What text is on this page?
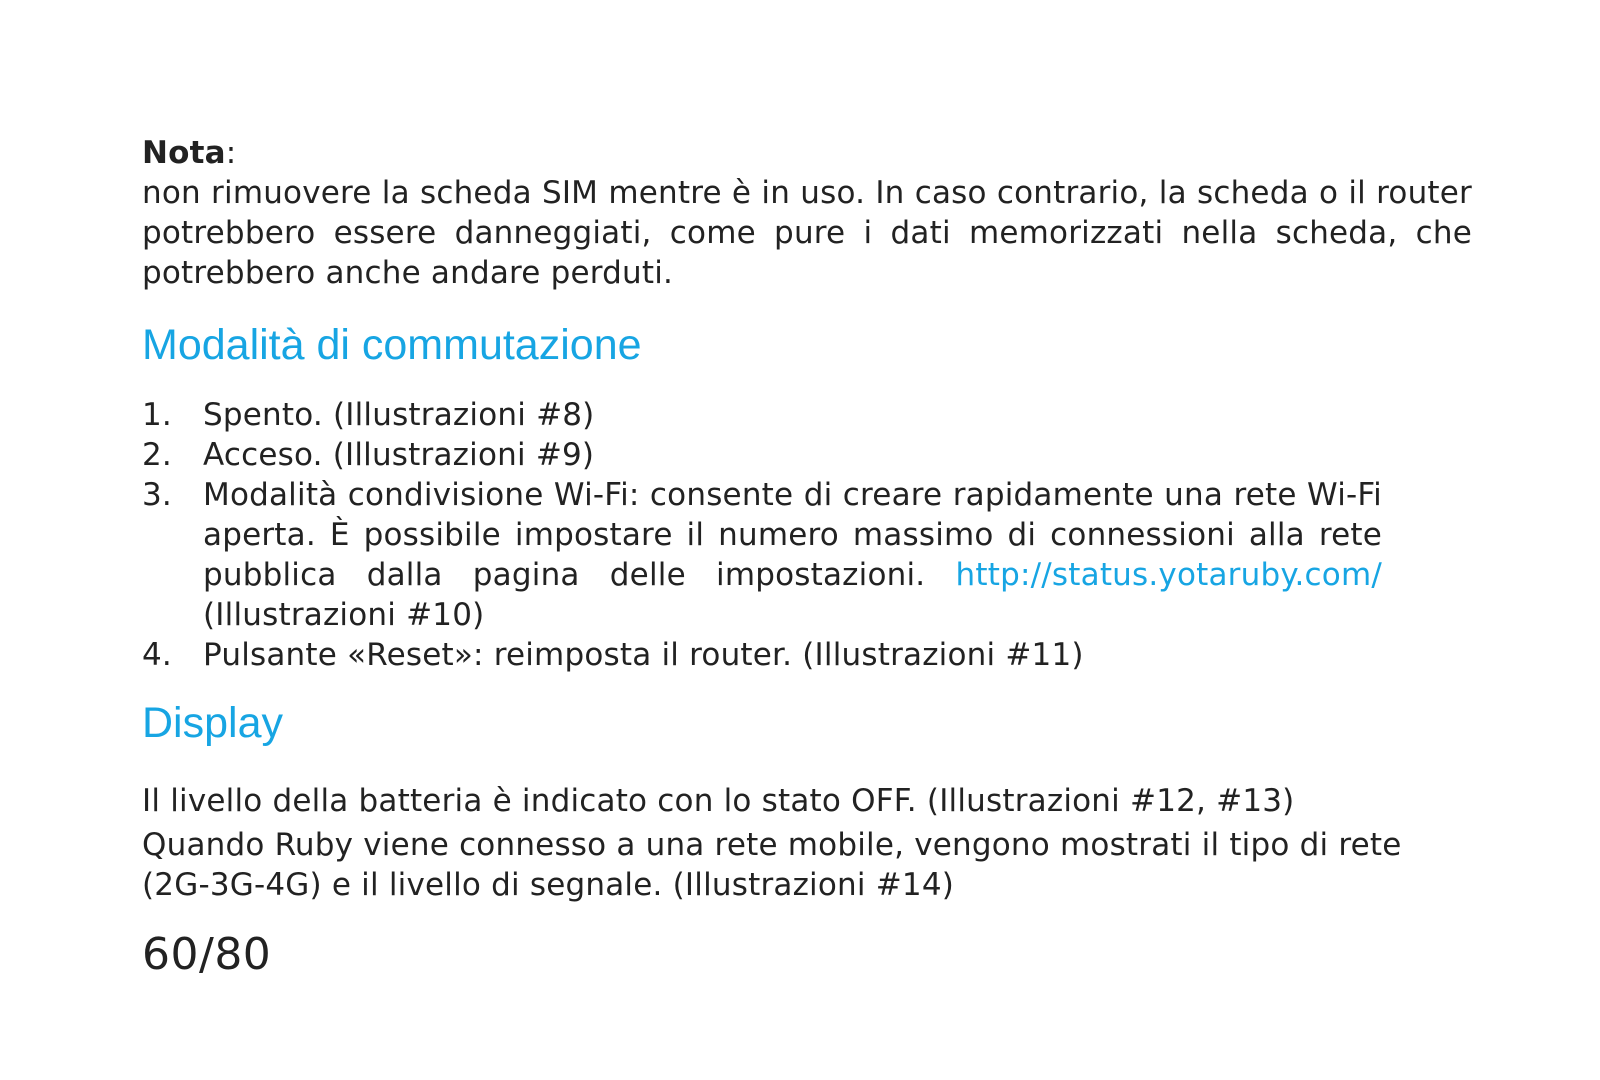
Nota:

non rimuovere la scheda SIM mentre è in uso. In caso contrario, la scheda o il router potrebbero essere danneggiati, come pure i dati memorizzati nella scheda, che potrebbero anche andare perduti.

Modalità di commutazione
1. Spento. (Illustrazioni #8)
2. Acceso. (Illustrazioni #9)
3. Modalità condivisione Wi-Fi: consente di creare rapidamente una rete Wi-Fi aperta. È possibile impostare il numero massimo di connessioni alla rete pubblica dalla pagina delle impostazioni. http://status.yotaruby.com/ (Illustrazioni #10)
4. Pulsante «Reset»: reimposta il router. (Illustrazioni #11)
Display

Il livello della batteria è indicato con lo stato OFF. (Illustrazioni #12, #13)

Quando Ruby viene connesso a una rete mobile, vengono mostrati il tipo di rete (2G-3G-4G) e il livello di segnale. (Illustrazioni #14)

60/80
